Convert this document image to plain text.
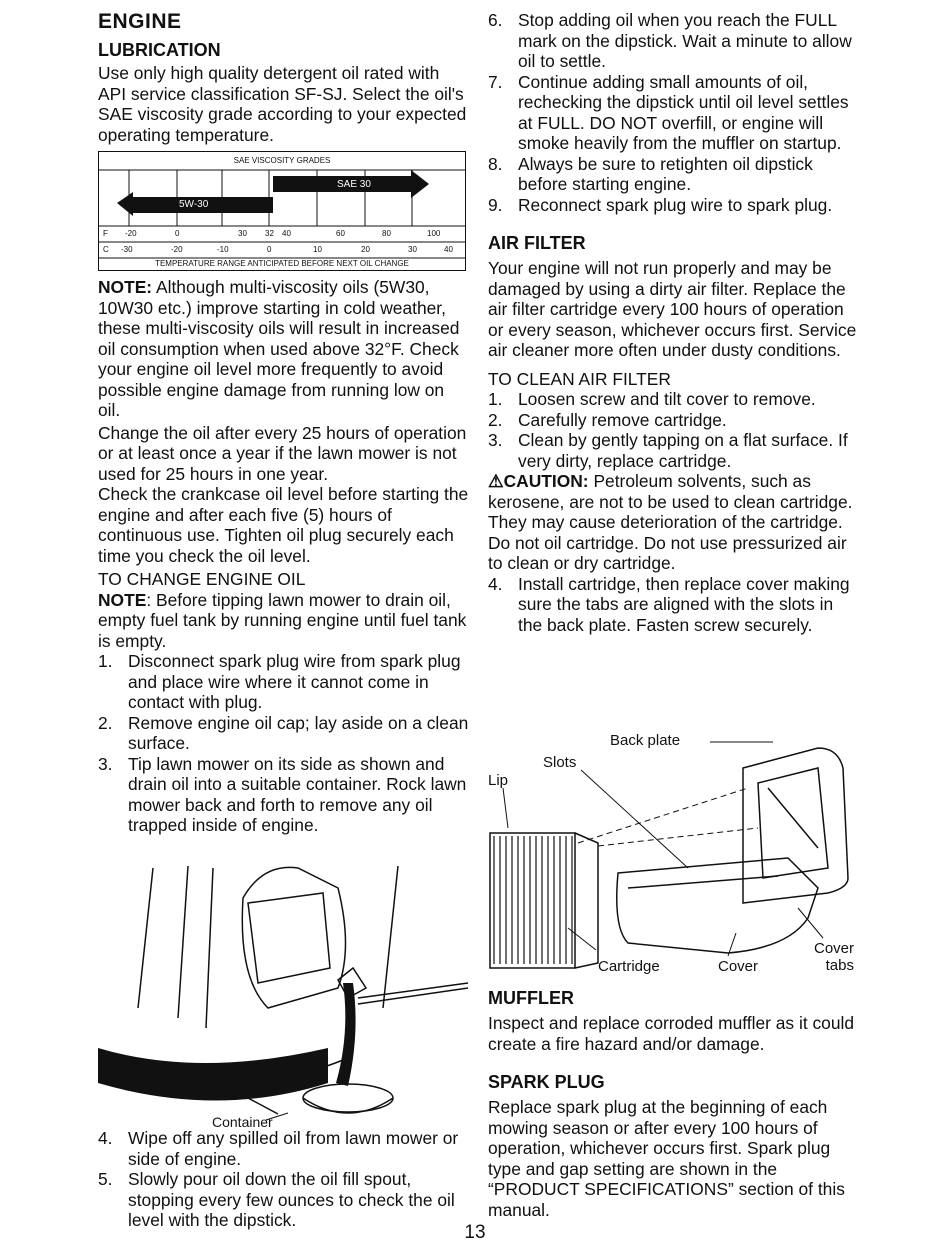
ENGINE
LUBRICATION

Use only high quality detergent oil rated with API service classification SF-SJ. Select the oil's SAE viscosity grade according to your expected operating temperature.

SAE VISCOSITY GRADES
5W-30
SAE 30
F -20	0	30 32 40	60	80	100
C -30	-20	-10	0	10	20	30	40
TEMPERATURE RANGE ANTICIPATED BEFORE NEXT OIL CHANGE

NOTE: Although multi-viscosity oils (5W30, 10W30 etc.) improve starting in cold weather, these multi-viscosity oils will result in increased oil consumption when used above 32°F. Check your engine oil level more frequently to avoid possible engine damage from running low on oil.

Change the oil after every 25 hours of operation or at least once a year if the lawn mower is not used for 25 hours in one year.

Check the crankcase oil level before starting the engine and after each five (5) hours of continuous use. Tighten oil plug securely each time you check the oil level.

TO CHANGE ENGINE OIL

NOTE: Before tipping lawn mower to drain oil, empty fuel tank by running engine until fuel tank is empty.

1. Disconnect spark plug wire from spark plug and place wire where it cannot come in contact with plug.
2. Remove engine oil cap; lay aside on a clean surface.
3. Tip lawn mower on its side as shown and drain oil into a suitable container. Rock lawn mower back and forth to remove any oil trapped inside of engine.
Container
4. Wipe off any spilled oil from lawn mower or side of engine.
5. Slowly pour oil down the oil fill spout, stopping every few ounces to check the oil level with the dipstick.
6. Stop adding oil when you reach the FULL mark on the dipstick. Wait a minute to allow oil to settle.
7. Continue adding small amounts of oil, rechecking the dipstick until oil level settles at FULL. DO NOT overfill, or engine will smoke heavily from the muffler on startup.
8. Always be sure to retighten oil dipstick before starting engine.
9. Reconnect spark plug wire to spark plug.
AIR FILTER

Your engine will not run properly and may be damaged by using a dirty air filter. Replace the air filter cartridge every 100 hours of operation or every season, whichever occurs first. Service air cleaner more often under dusty conditions.

TO CLEAN AIR FILTER
1. Loosen screw and tilt cover to remove.
2. Carefully remove cartridge.
3. Clean by gently tapping on a flat surface. If very dirty, replace cartridge.

⚠CAUTION: Petroleum solvents, such as kerosene, are not to be used to clean cartridge. They may cause deterioration of the cartridge. Do not oil cartridge. Do not use pressurized air to clean or dry cartridge.

4. Install cartridge, then replace cover making sure the tabs are aligned with the slots in the back plate. Fasten screw securely.
Back plate
Slots
Lip
Cartridge	Cover
Cover
tabs
MUFFLER

Inspect and replace corroded muffler as it could create a fire hazard and/or damage.

SPARK PLUG

Replace spark plug at the beginning of each mowing season or after every 100 hours of operation, whichever occurs first. Spark plug type and gap setting are shown in the “PRODUCT SPECIFICATIONS” section of this manual.

13
